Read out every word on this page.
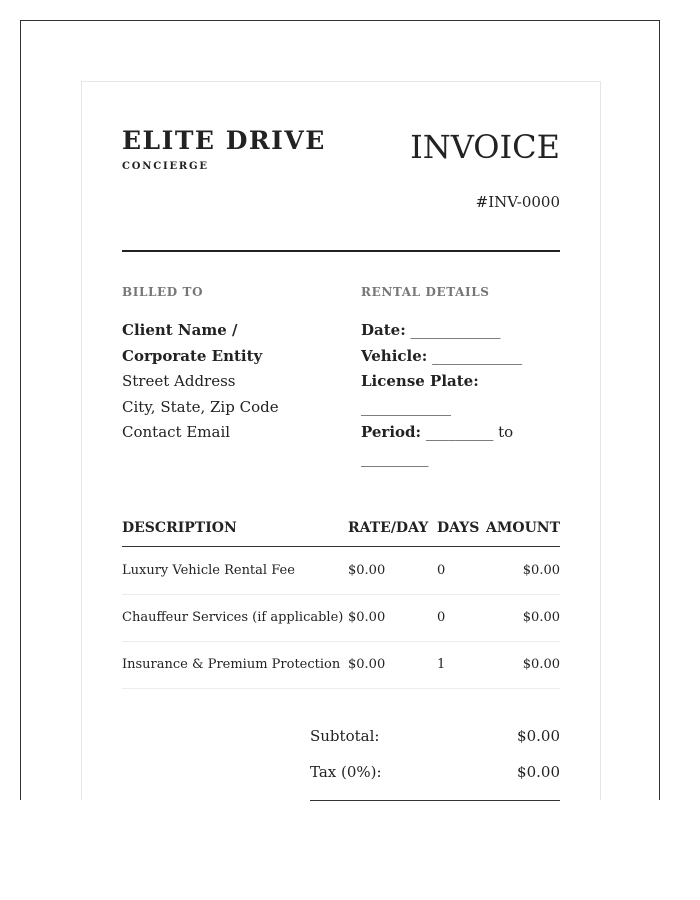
ELITE DRIVE
CONCIERGE
INVOICE
#INV-0000
BILLED TO	RENTAL DETAILS
Client Name /
Corporate Entity
Street Address
City, State, Zip Code
Contact Email
Date: ____________
Vehicle: ____________
License Plate:
____________
Period: _________ to
_________
DESCRIPTION	RATE/DAY DAYS AMOUNT
Luxury Vehicle Rental Fee	$0.00	0	$0.00
Chauffeur Services (if applicable) $0.00	0	$0.00
Insurance & Premium Protection $0.00	1	$0.00
Subtotal:	$0.00
Tax (0%):	$0.00
